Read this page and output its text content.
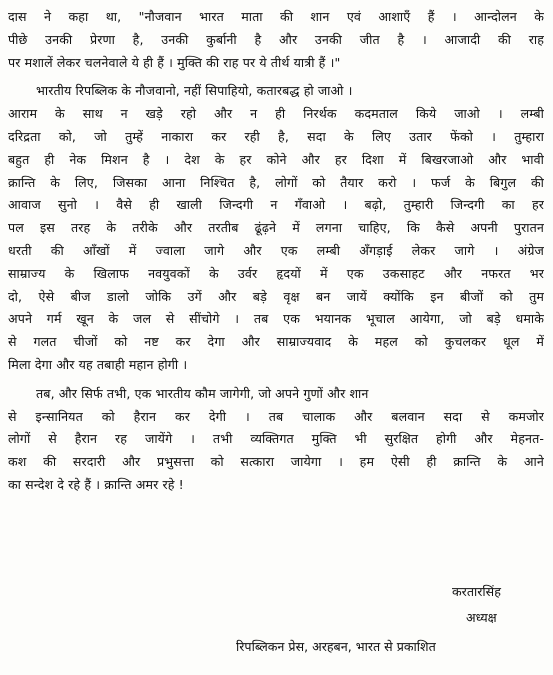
दास ने कहा था, "नौजवान भारत माता की शान एवं आशाएँ हैं । आन्दोलन के

पीछे उनकी प्रेरणा है, उनकी कुर्बानी है और उनकी जीत है । आजादी की राह

पर मशालें लेकर चलनेवाले ये ही हैं । मुक्ति की राह पर ये तीर्थ यात्री हैं ।"

भारतीय रिपब्लिक के नौजवानो, नहीं सिपाहियो, कतारबद्ध हो जाओ ।

आराम के साथ न खड़े रहो और न ही निरर्थक कदमताल किये जाओ । लम्बी

दरिद्रता को, जो तुम्हें नाकारा कर रही है, सदा के लिए उतार फेंको । तुम्हारा

बहुत ही नेक मिशन है । देश के हर कोने और हर दिशा में बिखरजाओ और भावी

क्रान्ति के लिए, जिसका आना निश्चित है, लोगों को तैयार करो । फर्ज के बिगुल की

आवाज सुनो । वैसे ही खाली जिन्दगी न गँवाओ । बढ़ो, तुम्हारी जिन्दगी का हर

पल इस तरह के तरीके और तरतीब ढूंढ़ने में लगना चाहिए, कि कैसे अपनी पुरातन

धरती की आँखों में ज्वाला जागे और एक लम्बी अँगड़ाई लेकर जागे । अंग्रेज

साम्राज्य के खिलाफ नवयुवकों के उर्वर हृदयों में एक उकसाहट और नफरत भर

दो, ऐसे बीज डालो जोकि उगें और बड़े वृक्ष बन जायें क्योंकि इन बीजों को तुम

अपने गर्म खून के जल से सींचोगे । तब एक भयानक भूचाल आयेगा, जो बड़े धमाके

से गलत चीजों को नष्ट कर देगा और साम्राज्यवाद के महल को कुचलकर धूल में

मिला देगा और यह तबाही महान होगी ।

तब, और सिर्फ तभी, एक भारतीय कौम जागेगी, जो अपने गुणों और शान

से इन्सानियत को हैरान कर देगी । तब चालाक और बलवान सदा से कमजोर

लोगों से हैरान रह जायेंगे । तभी व्यक्तिगत मुक्ति भी सुरक्षित होगी और मेहनत-

कश की सरदारी और प्रभुसत्ता को सत्कारा जायेगा । हम ऐसी ही क्रान्ति के आने

का सन्देश दे रहे हैं । क्रान्ति अमर रहे !

करतारसिंह
अध्यक्ष
रिपब्लिकन प्रेस, अरहबन, भारत से प्रकाशित
